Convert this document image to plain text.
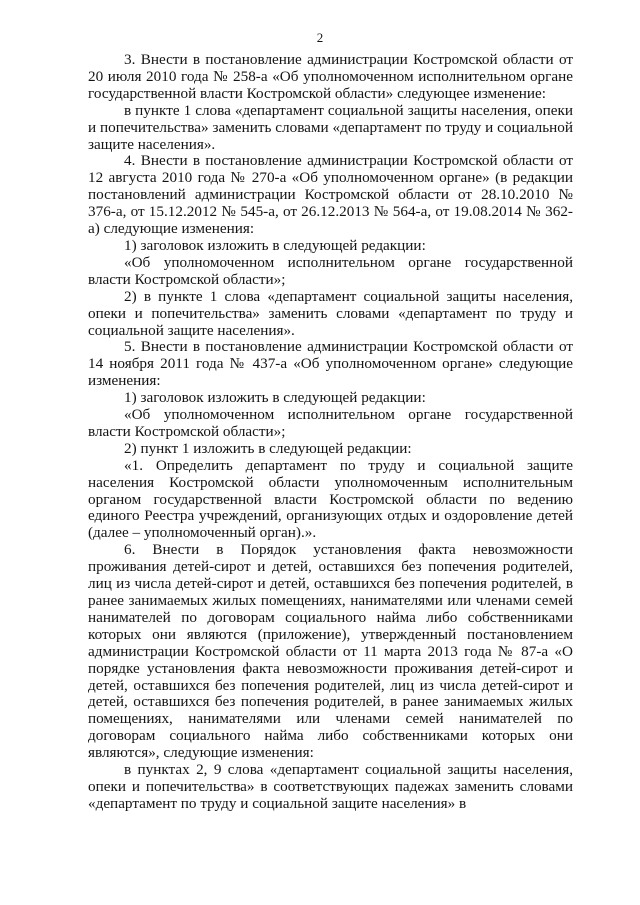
2

3. Внести в постановление администрации Костромской области от 20 июля 2010 года № 258-а «Об уполномоченном исполнительном органе государственной власти Костромской области» следующее изменение:

в пункте 1 слова «департамент социальной защиты населения, опеки и попечительства» заменить словами «департамент по труду и социальной защите населения».

4. Внести в постановление администрации Костромской области от 12 августа 2010 года № 270-а «Об уполномоченном органе» (в редакции постановлений администрации Костромской области от 28.10.2010 № 376-а, от 15.12.2012 № 545-а, от 26.12.2013 № 564-а, от 19.08.2014 № 362-а) следующие изменения:

1) заголовок изложить в следующей редакции:

«Об уполномоченном исполнительном органе государственной власти Костромской области»;

2) в пункте 1 слова «департамент социальной защиты населения, опеки и попечительства» заменить словами «департамент по труду и социальной защите населения».

5. Внести в постановление администрации Костромской области от 14 ноября 2011 года № 437-а «Об уполномоченном органе» следующие изменения:

1) заголовок изложить в следующей редакции:

«Об уполномоченном исполнительном органе государственной власти Костромской области»;

2) пункт 1 изложить в следующей редакции:

«1. Определить департамент по труду и социальной защите населения Костромской области уполномоченным исполнительным органом государственной власти Костромской области по ведению единого Реестра учреждений, организующих отдых и оздоровление детей (далее – уполномоченный орган).».

6. Внести в Порядок установления факта невозможности проживания детей-сирот и детей, оставшихся без попечения родителей, лиц из числа детей-сирот и детей, оставшихся без попечения родителей, в ранее занимаемых жилых помещениях, нанимателями или членами семей нанимателей по договорам социального найма либо собственниками которых они являются (приложение), утвержденный постановлением администрации Костромской области от 11 марта 2013 года № 87-а «О порядке установления факта невозможности проживания детей-сирот и детей, оставшихся без попечения родителей, лиц из числа детей-сирот и детей, оставшихся без попечения родителей, в ранее занимаемых жилых помещениях, нанимателями или членами семей нанимателей по договорам социального найма либо собственниками которых они являются», следующие изменения:

в пунктах 2, 9 слова «департамент социальной защиты населения, опеки и попечительства» в соответствующих падежах заменить словами «департамент по труду и социальной защите населения» в
